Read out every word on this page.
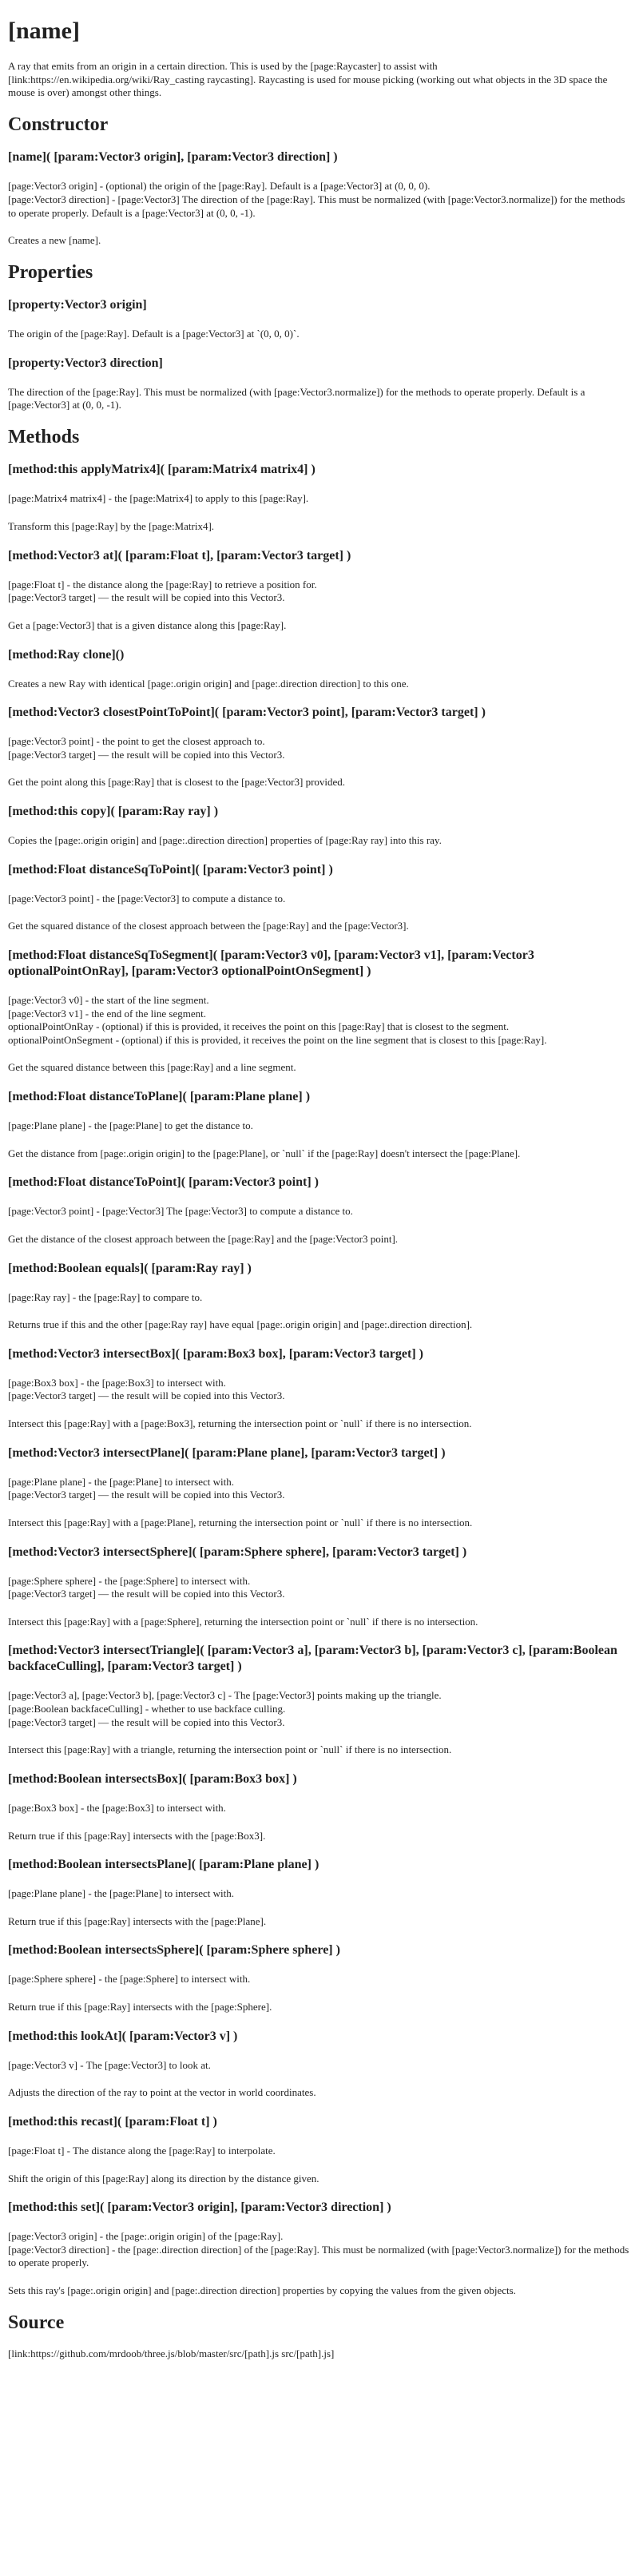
[name]

A ray that emits from an origin in a certain direction. This is used by the [page:Raycaster] to assist with [link:https://en.wikipedia.org/wiki/Ray_casting raycasting]. Raycasting is used for mouse picking (working out what objects in the 3D space the mouse is over) amongst other things.

Constructor
[name]( [param:Vector3 origin], [param:Vector3 direction] )
[page:Vector3 origin] - (optional) the origin of the [page:Ray]. Default is a [page:Vector3] at (0, 0, 0).
[page:Vector3 direction] - [page:Vector3] The direction of the [page:Ray]. This must be normalized (with [page:Vector3.normalize]) for the methods to operate properly. Default is a [page:Vector3] at (0, 0, -1).

Creates a new [name].

Properties
[property:Vector3 origin]

The origin of the [page:Ray]. Default is a [page:Vector3] at `(0, 0, 0)`.

[property:Vector3 direction]

The direction of the [page:Ray]. This must be normalized (with [page:Vector3.normalize]) for the methods to operate properly. Default is a [page:Vector3] at (0, 0, -1).

Methods
[method:this applyMatrix4]( [param:Matrix4 matrix4] )
[page:Matrix4 matrix4] - the [page:Matrix4] to apply to this [page:Ray].

Transform this [page:Ray] by the [page:Matrix4].

[method:Vector3 at]( [param:Float t], [param:Vector3 target] )
[page:Float t] - the distance along the [page:Ray] to retrieve a position for.
[page:Vector3 target] — the result will be copied into this Vector3.

Get a [page:Vector3] that is a given distance along this [page:Ray].

[method:Ray clone]()

Creates a new Ray with identical [page:.origin origin] and [page:.direction direction] to this one.

[method:Vector3 closestPointToPoint]( [param:Vector3 point], [param:Vector3 target] )
[page:Vector3 point] - the point to get the closest approach to.
[page:Vector3 target] — the result will be copied into this Vector3.

Get the point along this [page:Ray] that is closest to the [page:Vector3] provided.

[method:this copy]( [param:Ray ray] )

Copies the [page:.origin origin] and [page:.direction direction] properties of [page:Ray ray] into this ray.

[method:Float distanceSqToPoint]( [param:Vector3 point] )
[page:Vector3 point] - the [page:Vector3] to compute a distance to.

Get the squared distance of the closest approach between the [page:Ray] and the [page:Vector3].

[method:Float distanceSqToSegment]( [param:Vector3 v0], [param:Vector3 v1], [param:Vector3 optionalPointOnRay], [param:Vector3 optionalPointOnSegment] )
[page:Vector3 v0] - the start of the line segment.
[page:Vector3 v1] - the end of the line segment.
optionalPointOnRay - (optional) if this is provided, it receives the point on this [page:Ray] that is closest to the segment.
optionalPointOnSegment - (optional) if this is provided, it receives the point on the line segment that is closest to this [page:Ray].

Get the squared distance between this [page:Ray] and a line segment.

[method:Float distanceToPlane]( [param:Plane plane] )
[page:Plane plane] - the [page:Plane] to get the distance to.

Get the distance from [page:.origin origin] to the [page:Plane], or `null` if the [page:Ray] doesn't intersect the [page:Plane].

[method:Float distanceToPoint]( [param:Vector3 point] )
[page:Vector3 point] - [page:Vector3] The [page:Vector3] to compute a distance to.

Get the distance of the closest approach between the [page:Ray] and the [page:Vector3 point].

[method:Boolean equals]( [param:Ray ray] )
[page:Ray ray] - the [page:Ray] to compare to.

Returns true if this and the other [page:Ray ray] have equal [page:.origin origin] and [page:.direction direction].

[method:Vector3 intersectBox]( [param:Box3 box], [param:Vector3 target] )
[page:Box3 box] - the [page:Box3] to intersect with.
[page:Vector3 target] — the result will be copied into this Vector3.

Intersect this [page:Ray] with a [page:Box3], returning the intersection point or `null` if there is no intersection.

[method:Vector3 intersectPlane]( [param:Plane plane], [param:Vector3 target] )
[page:Plane plane] - the [page:Plane] to intersect with.
[page:Vector3 target] — the result will be copied into this Vector3.

Intersect this [page:Ray] with a [page:Plane], returning the intersection point or `null` if there is no intersection.

[method:Vector3 intersectSphere]( [param:Sphere sphere], [param:Vector3 target] )
[page:Sphere sphere] - the [page:Sphere] to intersect with.
[page:Vector3 target] — the result will be copied into this Vector3.

Intersect this [page:Ray] with a [page:Sphere], returning the intersection point or `null` if there is no intersection.

[method:Vector3 intersectTriangle]( [param:Vector3 a], [param:Vector3 b], [param:Vector3 c], [param:Boolean backfaceCulling], [param:Vector3 target] )
[page:Vector3 a], [page:Vector3 b], [page:Vector3 c] - The [page:Vector3] points making up the triangle.
[page:Boolean backfaceCulling] - whether to use backface culling.
[page:Vector3 target] — the result will be copied into this Vector3.

Intersect this [page:Ray] with a triangle, returning the intersection point or `null` if there is no intersection.

[method:Boolean intersectsBox]( [param:Box3 box] )
[page:Box3 box] - the [page:Box3] to intersect with.

Return true if this [page:Ray] intersects with the [page:Box3].

[method:Boolean intersectsPlane]( [param:Plane plane] )
[page:Plane plane] - the [page:Plane] to intersect with.

Return true if this [page:Ray] intersects with the [page:Plane].

[method:Boolean intersectsSphere]( [param:Sphere sphere] )
[page:Sphere sphere] - the [page:Sphere] to intersect with.

Return true if this [page:Ray] intersects with the [page:Sphere].

[method:this lookAt]( [param:Vector3 v] )
[page:Vector3 v] - The [page:Vector3] to look at.

Adjusts the direction of the ray to point at the vector in world coordinates.

[method:this recast]( [param:Float t] )
[page:Float t] - The distance along the [page:Ray] to interpolate.

Shift the origin of this [page:Ray] along its direction by the distance given.

[method:this set]( [param:Vector3 origin], [param:Vector3 direction] )
[page:Vector3 origin] - the [page:.origin origin] of the [page:Ray].
[page:Vector3 direction] - the [page:.direction direction] of the [page:Ray]. This must be normalized (with [page:Vector3.normalize]) for the methods to operate properly.

Sets this ray's [page:.origin origin] and [page:.direction direction] properties by copying the values from the given objects.

Source

[link:https://github.com/mrdoob/three.js/blob/master/src/[path].js src/[path].js]
